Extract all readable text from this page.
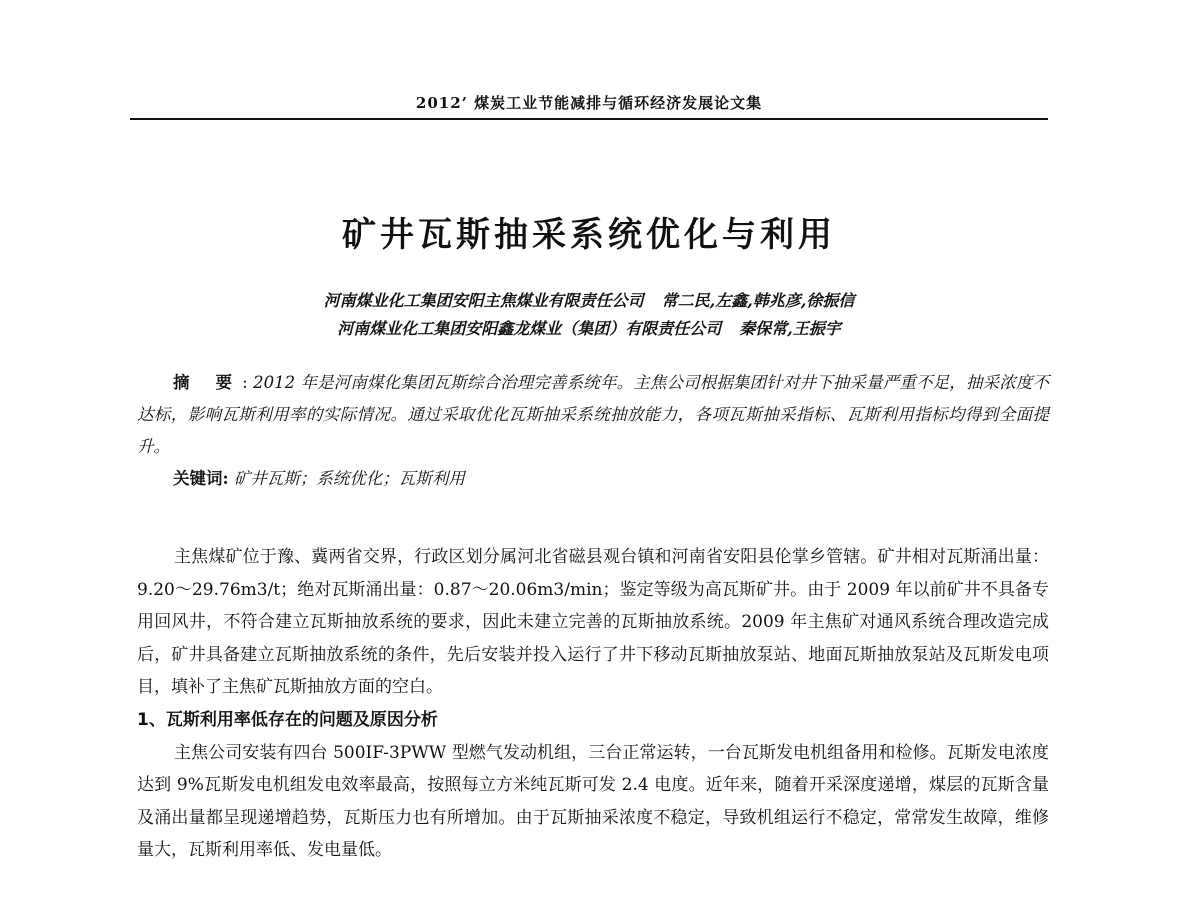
2012’ 煤炭工业节能减排与循环经济发展论文集
矿井瓦斯抽采系统优化与利用
河南煤业化工集团安阳主焦煤业有限责任公司 常二民,左鑫,韩兆彦,徐振信
河南煤业化工集团安阳鑫龙煤业（集团）有限责任公司 秦保常,王振宇

摘 要: 2012 年是河南煤化集团瓦斯综合治理完善系统年。主焦公司根据集团针对井下抽采量严重不足，抽采浓度不达标，影响瓦斯利用率的实际情况。通过采取优化瓦斯抽采系统抽放能力，各项瓦斯抽采指标、瓦斯利用指标均得到全面提升。

关键词: 矿井瓦斯；系统优化；瓦斯利用

主焦煤矿位于豫、冀两省交界，行政区划分属河北省磁县观台镇和河南省安阳县伦掌乡管辖。矿井相对瓦斯涌出量：9.20～29.76m3/t；绝对瓦斯涌出量：0.87～20.06m3/min；鉴定等级为高瓦斯矿井。由于 2009 年以前矿井不具备专用回风井，不符合建立瓦斯抽放系统的要求，因此未建立完善的瓦斯抽放系统。2009 年主焦矿对通风系统合理改造完成后，矿井具备建立瓦斯抽放系统的条件，先后安装并投入运行了井下移动瓦斯抽放泵站、地面瓦斯抽放泵站及瓦斯发电项目，填补了主焦矿瓦斯抽放方面的空白。

1、瓦斯利用率低存在的问题及原因分析

主焦公司安装有四台 500IF-3PWW 型燃气发动机组，三台正常运转，一台瓦斯发电机组备用和检修。瓦斯发电浓度达到 9%瓦斯发电机组发电效率最高，按照每立方米纯瓦斯可发 2.4 电度。近年来，随着开采深度递增，煤层的瓦斯含量及涌出量都呈现递增趋势，瓦斯压力也有所增加。由于瓦斯抽采浓度不稳定，导致机组运行不稳定，常常发生故障，维修量大，瓦斯利用率低、发电量低。
